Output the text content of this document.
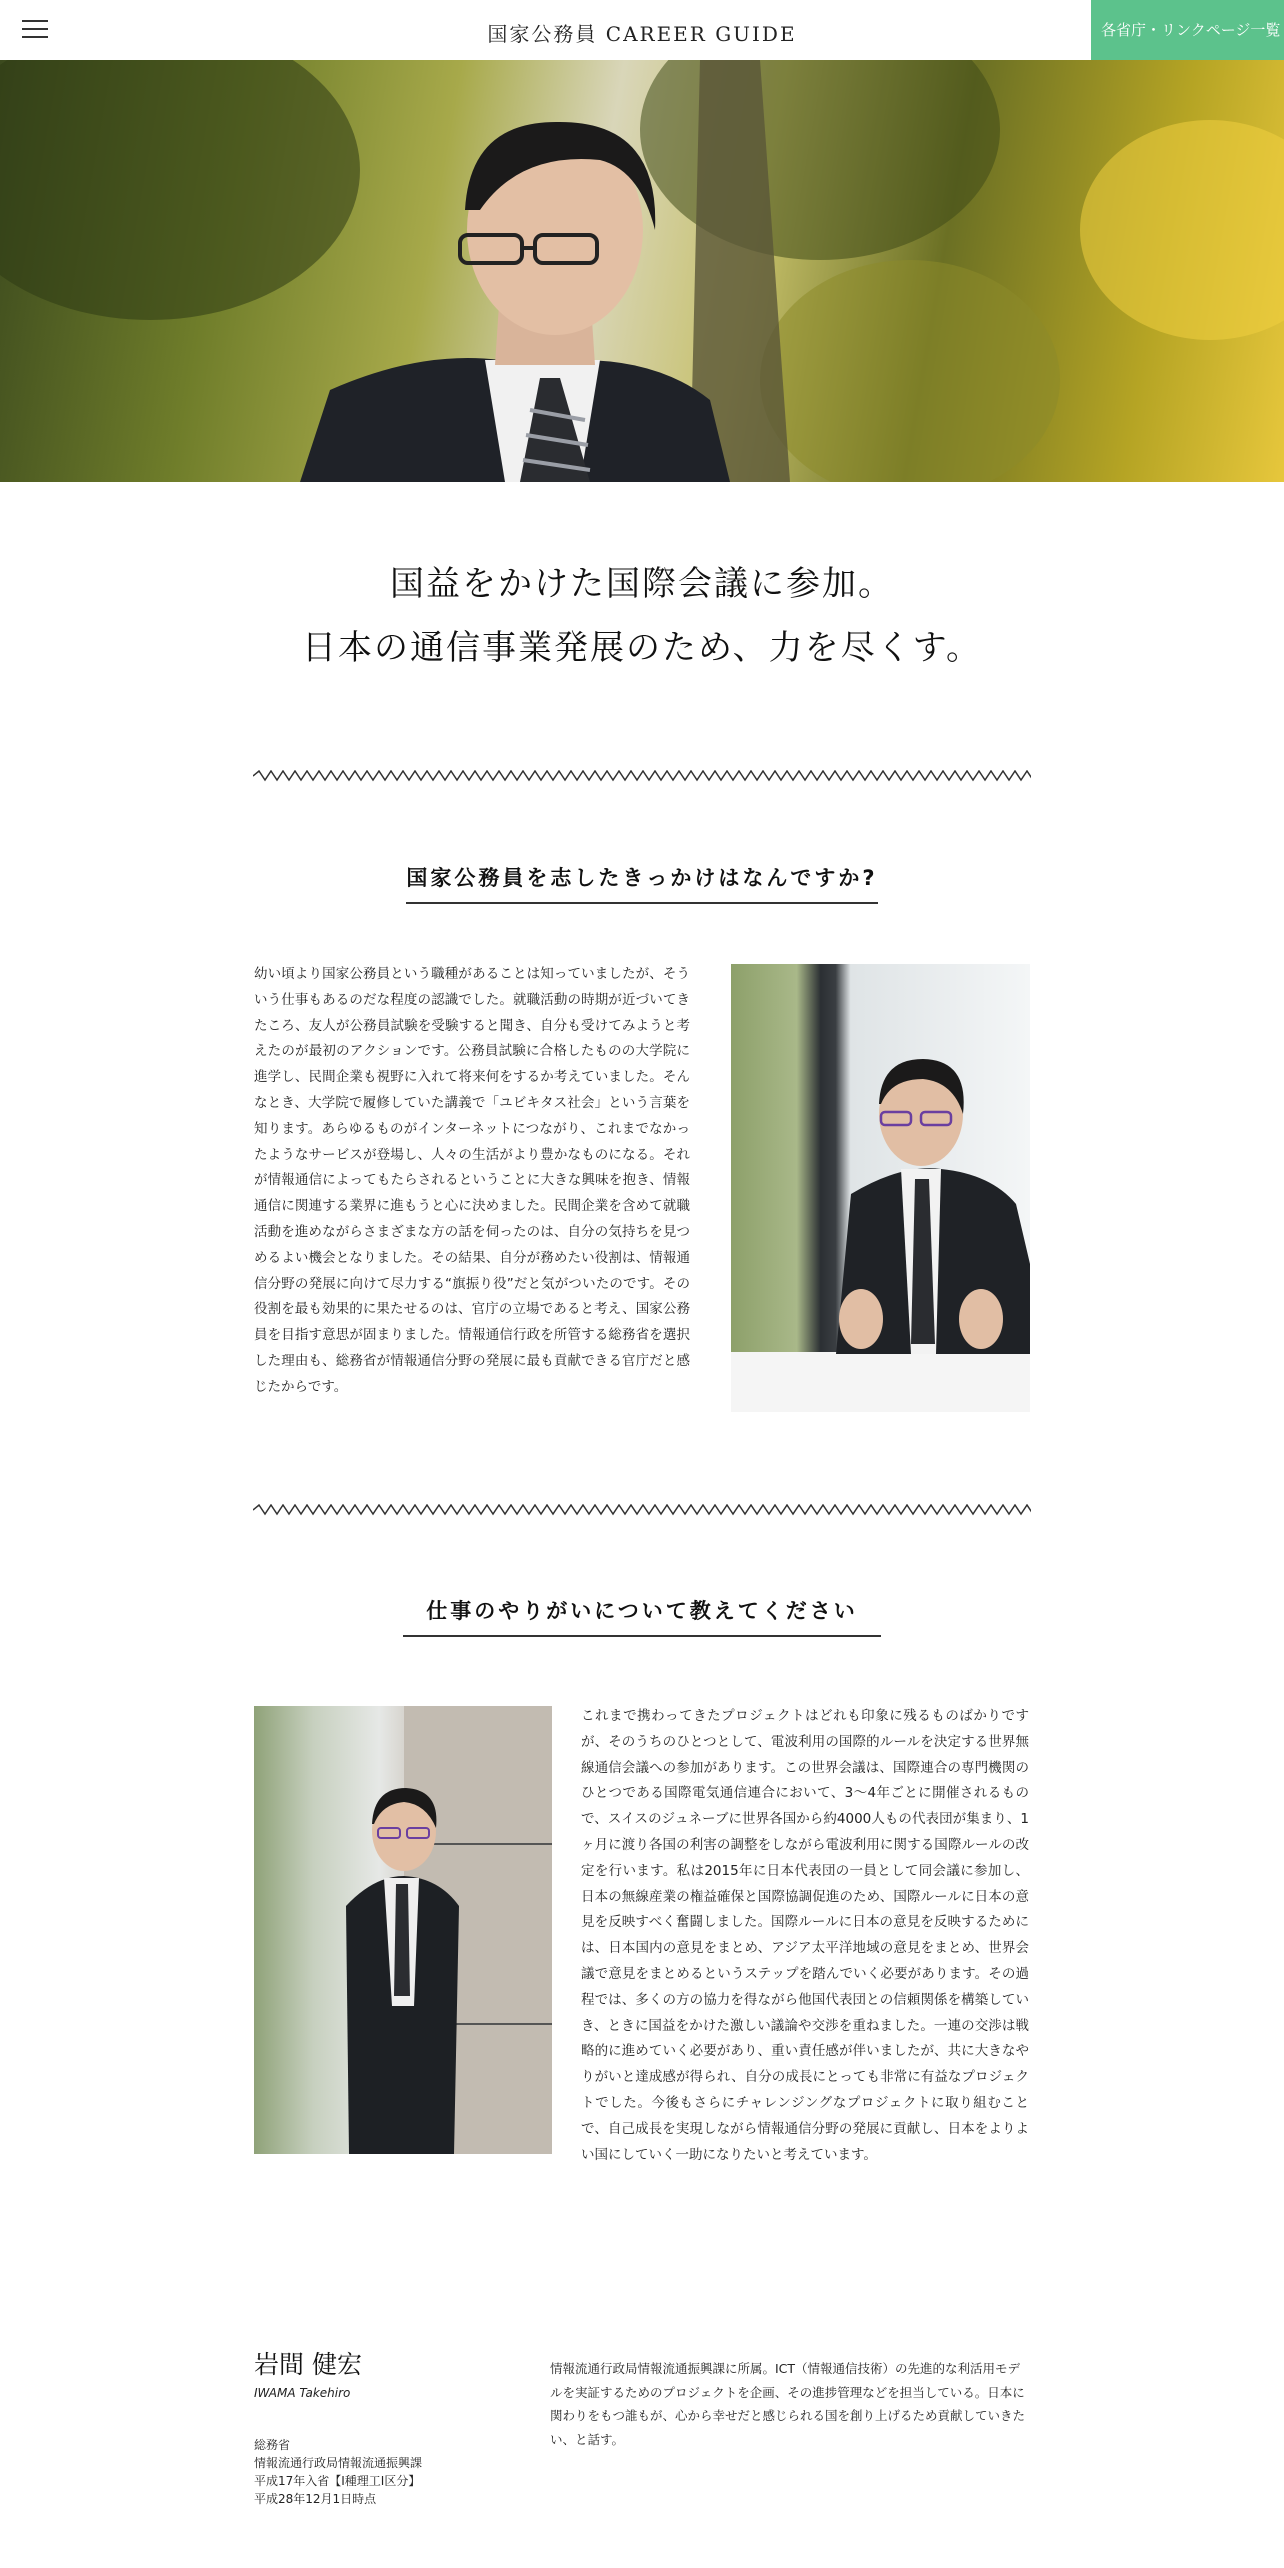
国家公務員 CAREER GUIDE	各省庁・リンクページ一覧
国益をかけた国際会議に参加。
日本の通信事業発展のため、力を尽くす。
国家公務員を志したきっかけはなんですか?
幼い頃より国家公務員という職種があることは知っていましたが、そういう仕事もあるのだな程度の認識でした。就職活動の時期が近づいてきたころ、友人が公務員試験を受験すると聞き、自分も受けてみようと考えたのが最初のアクションです。公務員試験に合格したものの大学院に進学し、民間企業も視野に入れて将来何をするか考えていました。そんなとき、大学院で履修していた講義で「ユビキタス社会」という言葉を知ります。あらゆるものがインターネットにつながり、これまでなかったようなサービスが登場し、人々の生活がより豊かなものになる。それが情報通信によってもたらされるということに大きな興味を抱き、情報通信に関連する業界に進もうと心に決めました。民間企業を含めて就職活動を進めながらさまざまな方の話を伺ったのは、自分の気持ちを見つめるよい機会となりました。その結果、自分が務めたい役割は、情報通信分野の発展に向けて尽力する“旗振り役”だと気がついたのです。その役割を最も効果的に果たせるのは、官庁の立場であると考え、国家公務員を目指す意思が固まりました。情報通信行政を所管する総務省を選択した理由も、総務省が情報通信分野の発展に最も貢献できる官庁だと感じたからです。
仕事のやりがいについて教えてください
これまで携わってきたプロジェクトはどれも印象に残るものばかりですが、そのうちのひとつとして、電波利用の国際的ルールを決定する世界無線通信会議への参加があります。この世界会議は、国際連合の専門機関のひとつである国際電気通信連合において、3～4年ごとに開催されるもので、スイスのジュネーブに世界各国から約4000人もの代表団が集まり、1ヶ月に渡り各国の利害の調整をしながら電波利用に関する国際ルールの改定を行います。私は2015年に日本代表団の一員として同会議に参加し、日本の無線産業の権益確保と国際協調促進のため、国際ルールに日本の意見を反映すべく奮闘しました。国際ルールに日本の意見を反映するためには、日本国内の意見をまとめ、アジア太平洋地域の意見をまとめ、世界会議で意見をまとめるというステップを踏んでいく必要があります。その過程では、多くの方の協力を得ながら他国代表団との信頼関係を構築していき、ときに国益をかけた激しい議論や交渉を重ねました。一連の交渉は戦略的に進めていく必要があり、重い責任感が伴いましたが、共に大きなやりがいと達成感が得られ、自分の成長にとっても非常に有益なプロジェクトでした。今後もさらにチャレンジングなプロジェクトに取り組むことで、自己成長を実現しながら情報通信分野の発展に貢献し、日本をよりよい国にしていく一助になりたいと考えています。
岩間 健宏
IWAMA Takehiro
総務省
情報流通行政局情報流通振興課
平成17年入省【Ⅰ種理工Ⅰ区分】
平成28年12月1日時点
情報流通行政局情報流通振興課に所属。ICT（情報通信技術）の先進的な利活用モデルを実証するためのプロジェクトを企画、その進捗管理などを担当している。日本に関わりをもつ誰もが、心から幸せだと感じられる国を創り上げるため貢献していきたい、と話す。
